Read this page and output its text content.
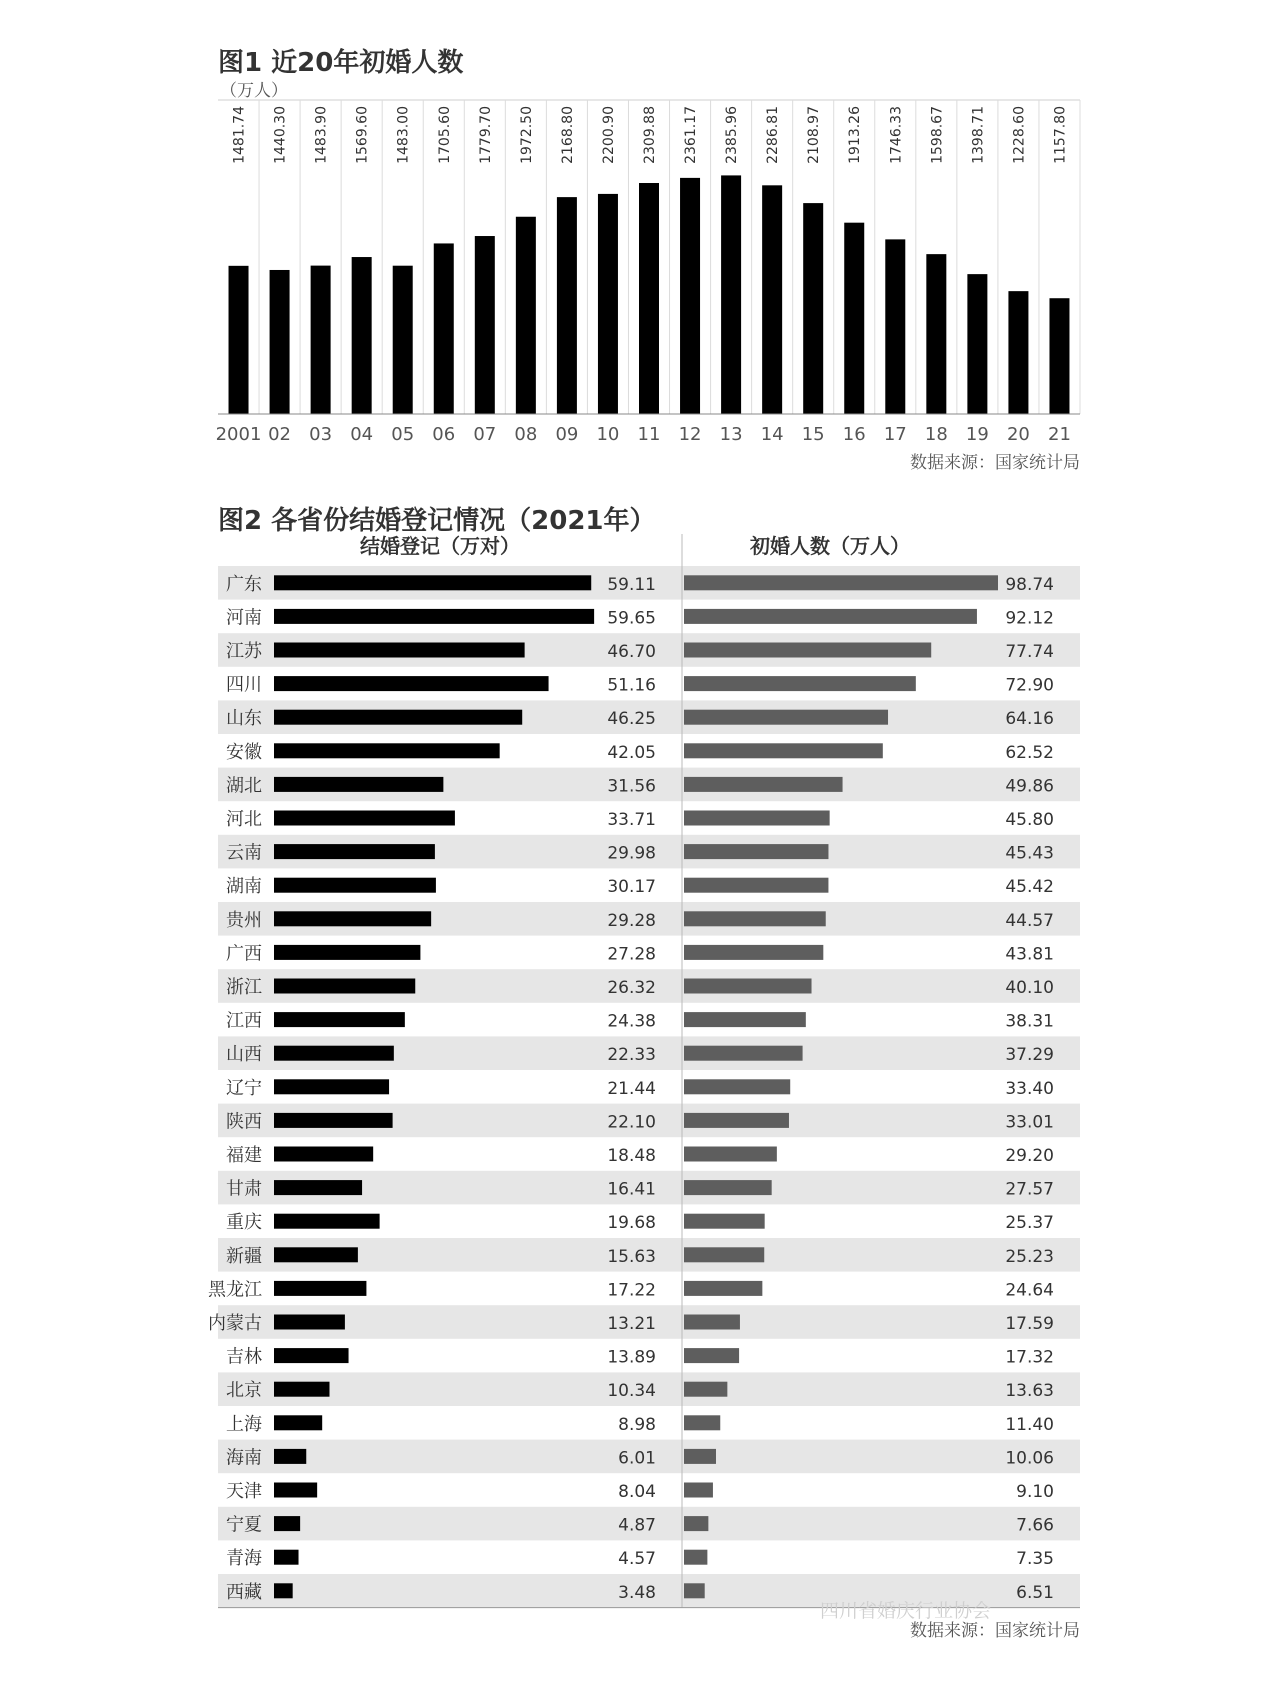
图1 近20年初婚人数
（万人）
1481.74
2001
1440.30
02
1483.90
03
1569.60
04
1483.00
05
1705.60
06
1779.70
07
1972.50
08
2168.80
09
2200.90
10
2309.88
11
2361.17
12
2385.96
13
2286.81
14
2108.97
15
1913.26
16
1746.33
17
1598.67
18
1398.71
19
1228.60
20
1157.80
21
数据来源：国家统计局
图2 各省份结婚登记情况（2021年）
结婚登记（万对）	初婚人数（万人）
广东	59.11	98.74
河南	59.65	92.12
江苏	46.70	77.74
四川	51.16	72.90
山东	46.25	64.16
安徽	42.05	62.52
湖北	31.56	49.86
河北	33.71	45.80
云南	29.98	45.43
湖南	30.17	45.42
贵州	29.28	44.57
广西	27.28	43.81
浙江	26.32	40.10
江西	24.38	38.31
山西	22.33	37.29
辽宁	21.44	33.40
陕西	22.10	33.01
福建	18.48	29.20
甘肃	16.41	27.57
重庆	19.68	25.37
新疆	15.63	25.23
黑龙江	17.22	24.64
内蒙古	13.21	17.59
吉林	13.89	17.32
北京	10.34	13.63
上海	8.98	11.40
海南	6.01	10.06
天津	8.04	9.10
宁夏	4.87	7.66
青海	4.57	7.35
西藏	3.48	6.51
四川省婚庆行业协会
数据来源：国家统计局
